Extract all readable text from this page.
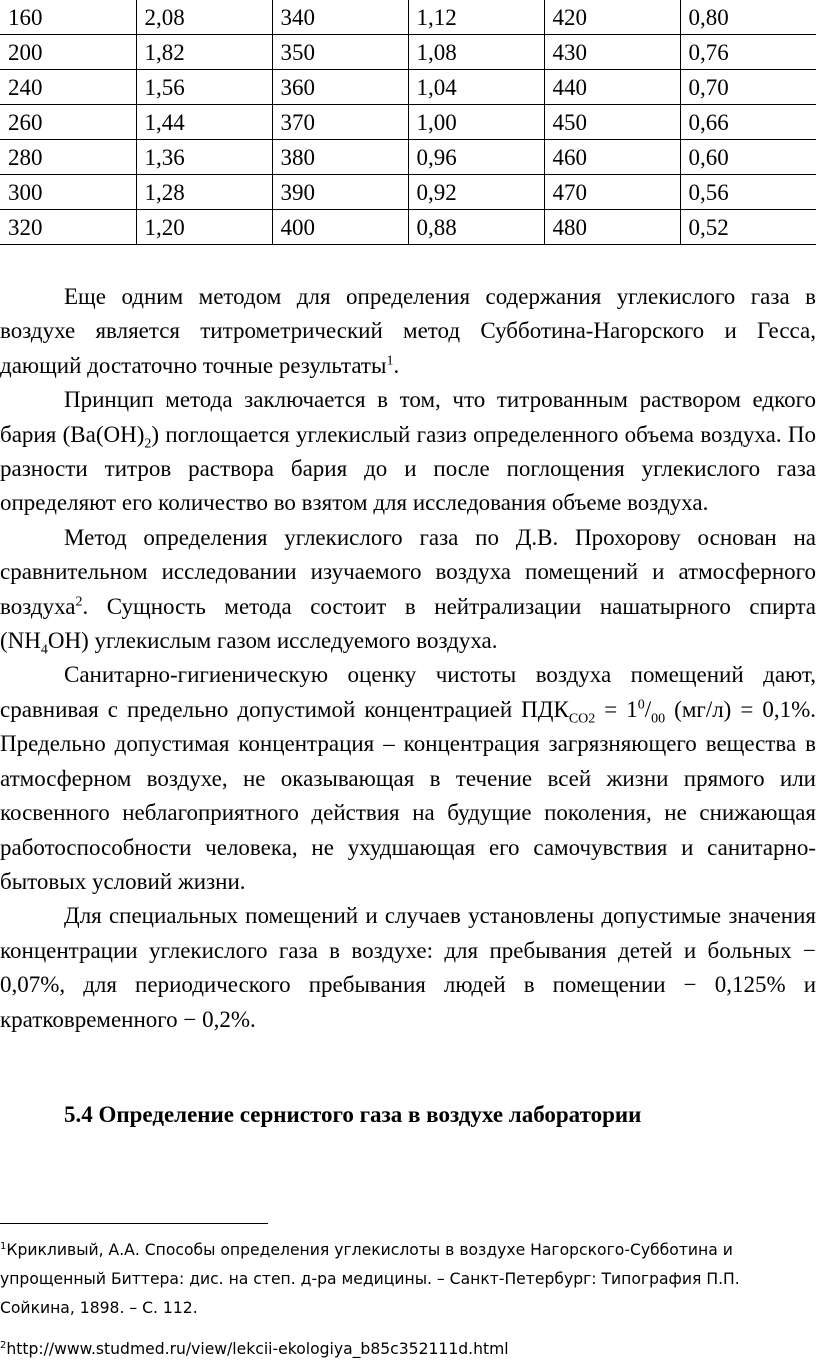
160	2,08	340	1,12	420	0,80
200	1,82	350	1,08	430	0,76
240	1,56	360	1,04	440	0,70
260	1,44	370	1,00	450	0,66
280	1,36	380	0,96	460	0,60
300	1,28	390	0,92	470	0,56
320	1,20	400	0,88	480	0,52

Еще одним методом для определения содержания углекислого газа в воздухе является титрометрический метод Субботина-Нагорского и Гесса, дающий достаточно точные результаты$^1$.

Принцип метода заключается в том, что титрованным раствором едкого бария $(Ba(OH)_2)$ поглощается углекислый газиз определенного объема воздуха. По разности титров раствора бария до и после поглощения углекислого газа определяют его количество во взятом для исследования объеме воздуха.

Метод определения углекислого газа по Д.В. Прохорову основан на сравнительном исследовании изучаемого воздуха помещений и атмосферного воздуха$^2$. Сущность метода состоит в нейтрализации нашатырного спирта $(NH_4OH)$ углекислым газом исследуемого воздуха.

Санитарно-гигиеническую оценку чистоты воздуха помещений дают, сравнивая с предельно допустимой концентрацией $ПДК_{CO2} = 1^0/_{00}$ (мг/л) = 0,1%. Предельно допустимая концентрация – концентрация загрязняющего вещества в атмосферном воздухе, не оказывающая в течение всей жизни прямого или косвенного неблагоприятного действия на будущие поколения, не снижающая работоспособности человека, не ухудшающая его самочувствия и санитарно-бытовых условий жизни.

Для специальных помещений и случаев установлены допустимые значения концентрации углекислого газа в воздухе: для пребывания детей и больных − 0,07%, для периодического пребывания людей в помещении − 0,125% и кратковременного − 0,2%.

5.4 Определение сернистого газа в воздухе лаборатории

$^1$Крикливый, А.А. Способы определения углекислоты в воздухе Нагорского-Субботина и упрощенный Биттера: дис. на степ. д-ра медицины. – Санкт-Петербург: Типография П.П. Сойкина, 1898. – С. 112.

$^2$http://www.studmed.ru/view/lekcii-ekologiya_b85c352111d.html
